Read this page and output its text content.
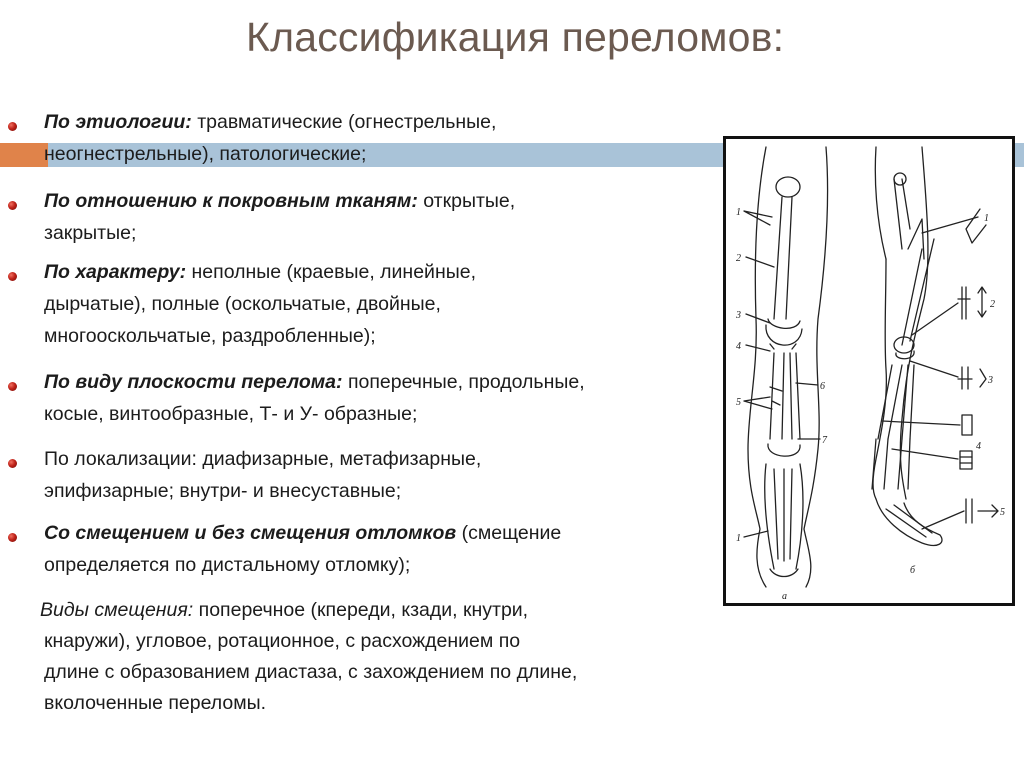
Классификация переломов:
По этиологии: травматические (огнестрельные,
неогнестрельные), патологические;
По отношению к покровным тканям: открытые,
закрытые;
По характеру: неполные (краевые, линейные,
дырчатые), полные (оскольчатые, двойные,
многооскольчатые, раздробленные);
По виду плоскости перелома: поперечные, продольные,
косые, винтообразные, Т- и У- образные;
По локализации: диафизарные, метафизарные,
эпифизарные; внутри- и внесуставные;
Со смещением и без смещения отломков (смещение
определяется по дистальному отломку);
Виды смещения: поперечное (кпереди, кзади, кнутри,
кнаружи), угловое, ротационное, с расхождением по
длине с образованием диастаза, с захождением по длине,
вколоченные переломы.
1
2
3
4
5
6
7
1
а
1
2
3
4
5
б
